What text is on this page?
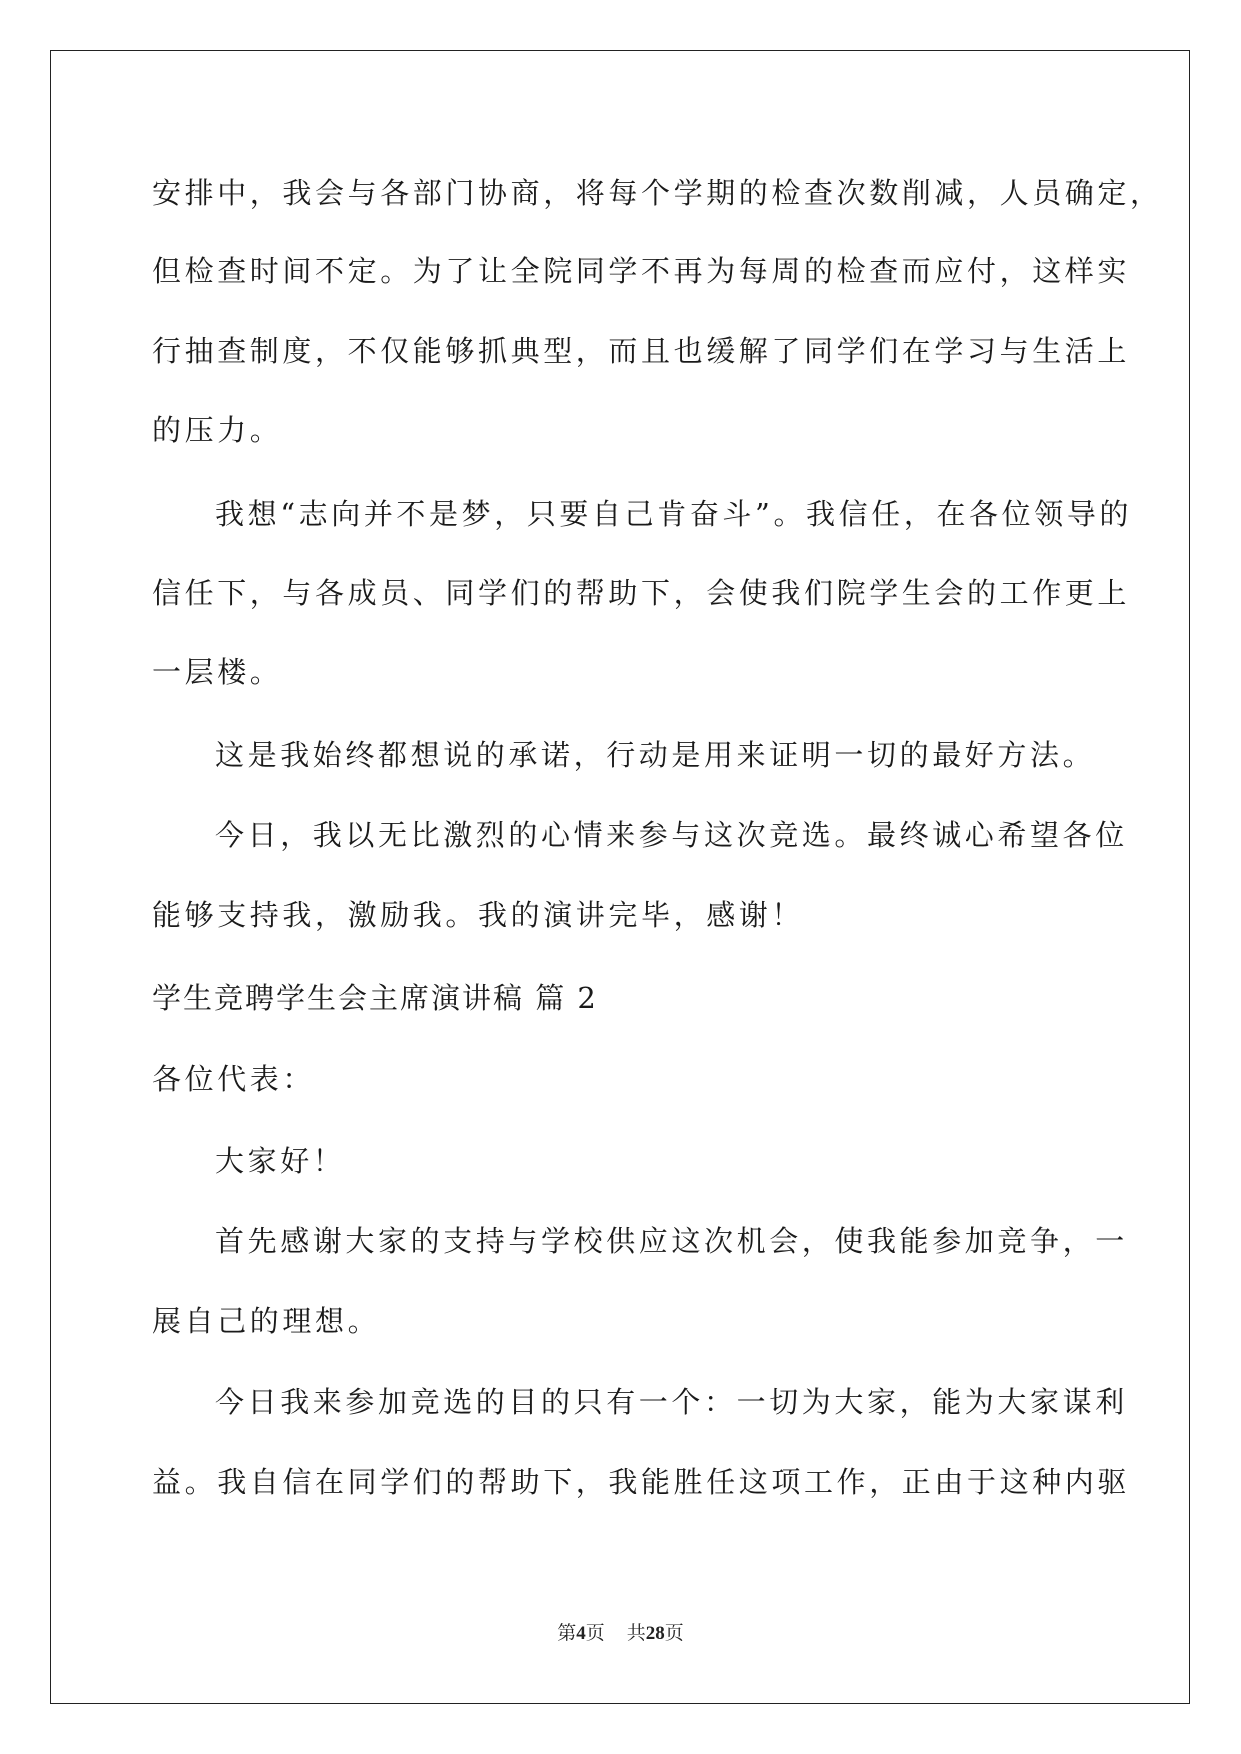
安排中，我会与各部门协商，将每个学期的检查次数削减，人员确定，

但检查时间不定。为了让全院同学不再为每周的检查而应付，这样实

行抽查制度，不仅能够抓典型，而且也缓解了同学们在学习与生活上

的压力。

我想“志向并不是梦，只要自己肯奋斗”。我信任，在各位领导的

信任下，与各成员、同学们的帮助下，会使我们院学生会的工作更上

一层楼。

这是我始终都想说的承诺，行动是用来证明一切的最好方法。

今日，我以无比激烈的心情来参与这次竞选。最终诚心希望各位

能够支持我，激励我。我的演讲完毕，感谢！

学生竞聘学生会主席演讲稿 篇 2

各位代表：

大家好！

首先感谢大家的支持与学校供应这次机会，使我能参加竞争，一

展自己的理想。

今日我来参加竞选的目的只有一个：一切为大家，能为大家谋利

益。我自信在同学们的帮助下，我能胜任这项工作，正由于这种内驱

第4页 共28页
